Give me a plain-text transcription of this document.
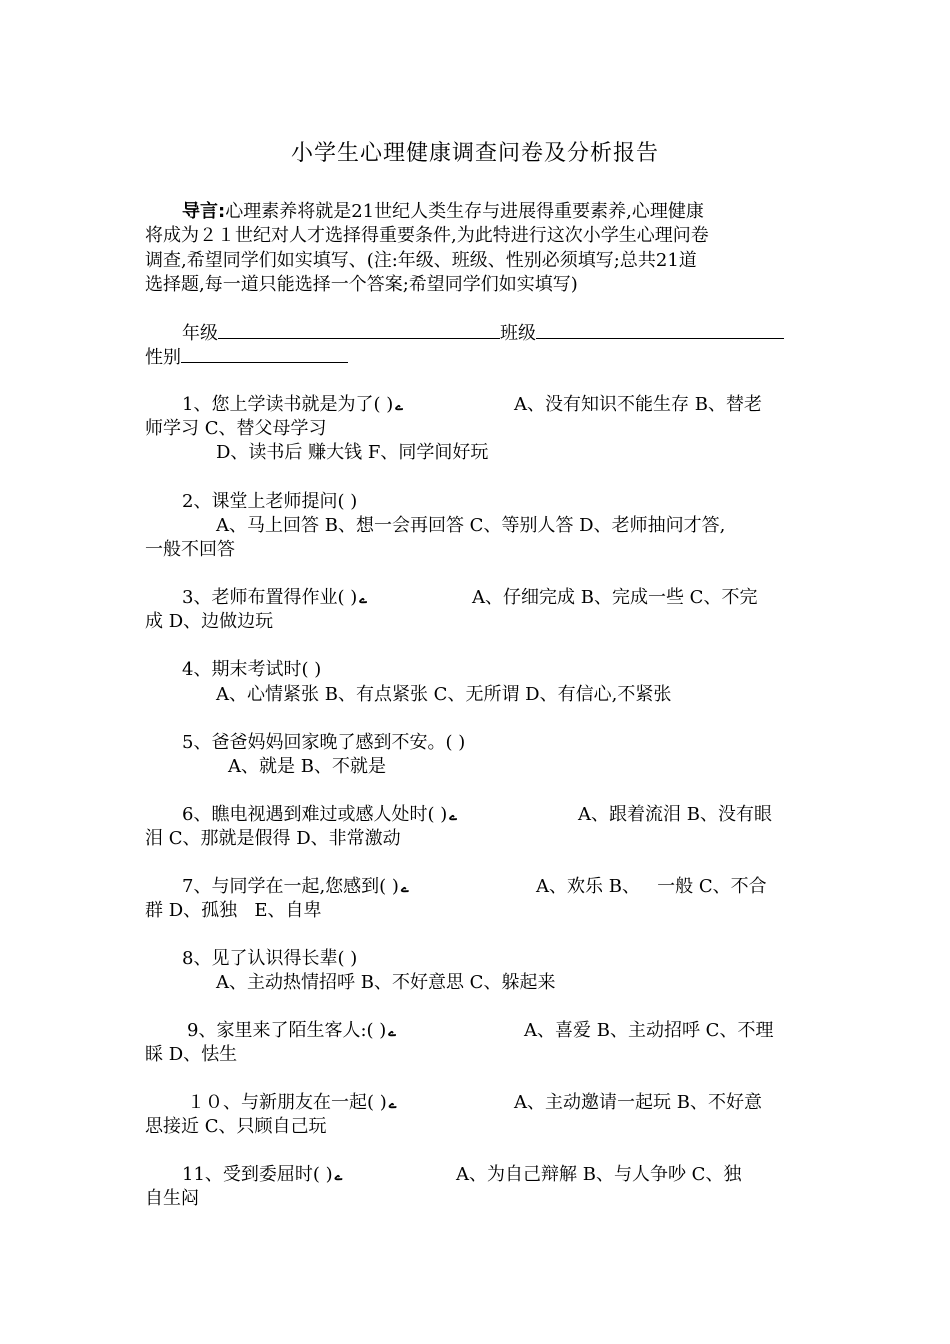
小学生心理健康调查问卷及分析报告
导言:心理素养将就是21世纪人类生存与进展得重要素养,心理健康
将成为２１世纪对人才选择得重要条件,为此特进行这次小学生心理问卷
调查,希望同学们如实填写、(注:年级、班级、性别必须填写;总共21道
选择题,每一道只能选择一个答案;希望同学们如实填写)
年级	班级
性别
1、您上学读书就是为了( ) ے	A、没有知识不能生存 B、替老
师学习 C、替父母学习
D、读书后 赚大钱 F、同学间好玩
2、课堂上老师提问( )
A、马上回答 B、想一会再回答 C、等别人答 D、老师抽问才答,
一般不回答
3、老师布置得作业( ) ے	A、仔细完成 B、完成一些 C、不完
成 D、边做边玩
4、期末考试时( )
A、心情紧张 B、有点紧张 C、无所谓 D、有信心,不紧张
5、爸爸妈妈回家晚了感到不安。( )
A、就是 B、不就是
6、瞧电视遇到难过或感人处时( ) ے	A、跟着流泪 B、没有眼
泪 C、那就是假得 D、非常激动
7、与同学在一起,您感到( ) ے	A、欢乐 B、   一般 C、不合
群 D、孤独   E、自卑
8、见了认识得长辈( )
A、主动热情招呼 B、不好意思 C、躲起来
9、家里来了陌生客人:( ) ے	A、喜爱 B、主动招呼 C、不理
睬 D、怯生
１０、与新朋友在一起( ) ے	A、主动邀请一起玩 B、不好意
思接近 C、只顾自己玩
11、受到委屈时( ) ے	A、为自己辩解 B、与人争吵 C、独
自生闷
